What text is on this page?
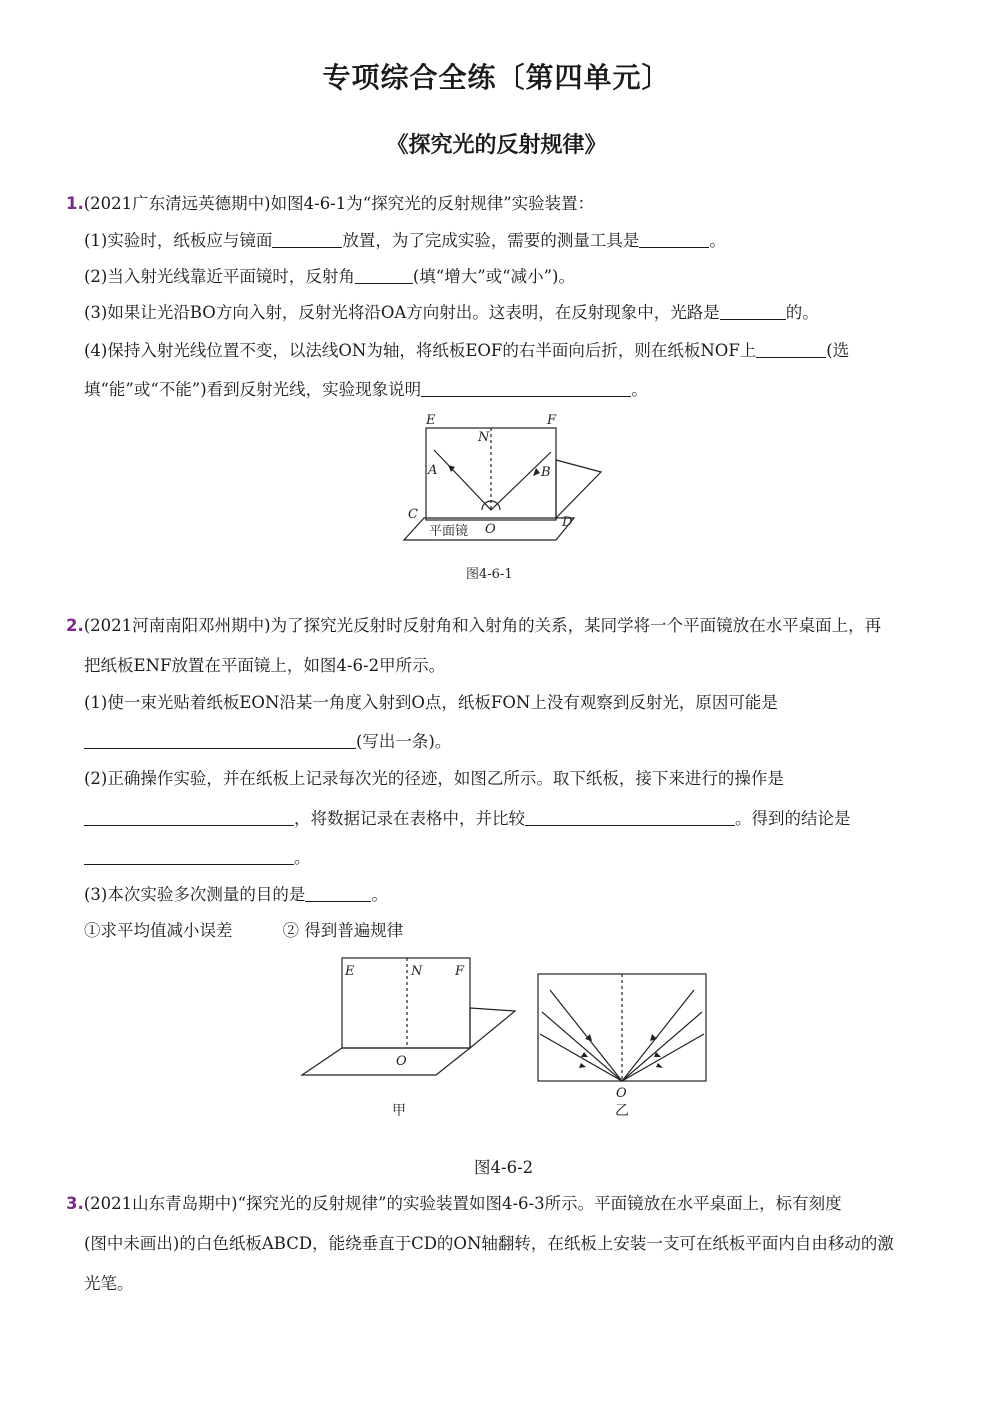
专项综合全练〔第四单元〕
《探究光的反射规律》
1.(2021广东清远英德期中)如图4-6-1为“探究光的反射规律”实验装置：
(1)实验时，纸板应与镜面	放置，为了完成实验，需要的测量工具是	。
(2)当入射光线靠近平面镜时，反射角	(填“增大”或“减小”)。
(3)如果让光沿BO方向入射，反射光将沿OA方向射出。这表明，在反射现象中，光路是	的。
(4)保持入射光线位置不变，以法线ON为轴，将纸板EOF的右半面向后折，则在纸板NOF上	(选
填“能”或“不能”)看到反射光线，实验现象说明	。
E	F
N
A	B
C
D
O
平面镜
图4-6-1
2.(2021河南南阳邓州期中)为了探究光反射时反射角和入射角的关系，某同学将一个平面镜放在水平桌面上，再
把纸板ENF放置在平面镜上，如图4-6-2甲所示。
(1)使一束光贴着纸板EON沿某一角度入射到O点，纸板FON上没有观察到反射光，原因可能是
(写出一条)。
(2)正确操作实验，并在纸板上记录每次光的径迹，如图乙所示。取下纸板，接下来进行的操作是
，将数据记录在表格中，并比较	。得到的结论是
。
(3)本次实验多次测量的目的是	。
①求平均值减小误差	② 得到普遍规律
E	N	F
O
甲
O
乙
图4-6-2
3.(2021山东青岛期中)“探究光的反射规律”的实验装置如图4-6-3所示。平面镜放在水平桌面上，标有刻度
(图中未画出)的白色纸板ABCD，能绕垂直于CD的ON轴翻转，在纸板上安装一支可在纸板平面内自由移动的激
光笔。
